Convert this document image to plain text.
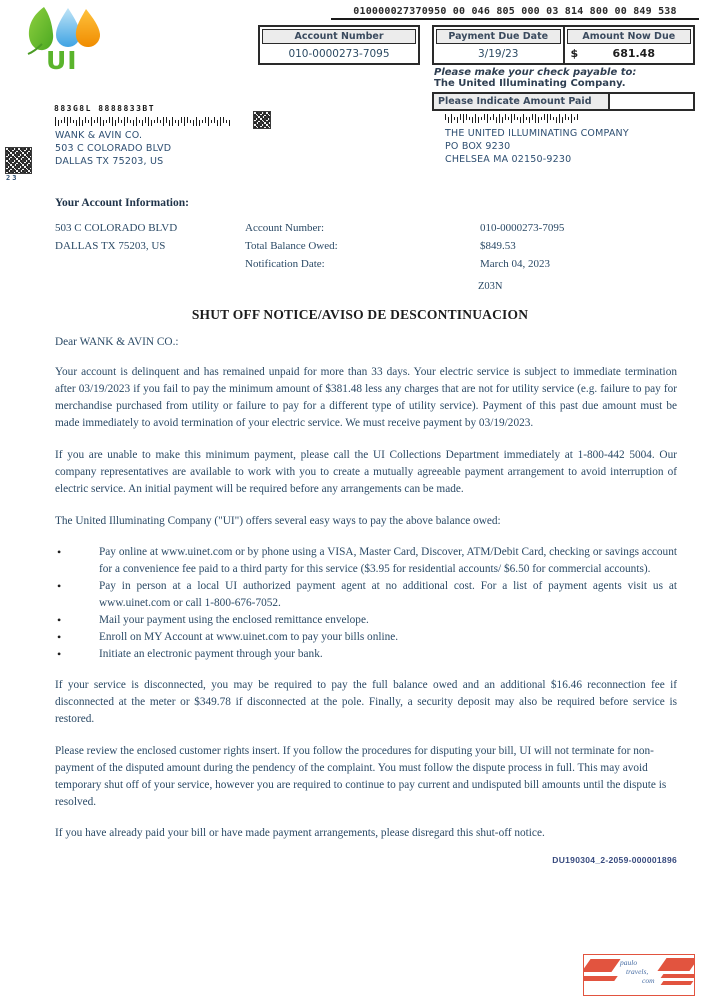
UI
010000027370950 00 046 805 000 03 814 800 00 849 538
Account Number
010-0000273-7095
Payment Due Date
3/19/23
Amount Now Due
$	681.48
Please make your check payable to:
The United Illuminating Company.
Please Indicate Amount Paid
883G8L 8888833BT
23
WANK & AVIN CO.
503 C COLORADO BLVD
DALLAS TX 75203, US
THE UNITED ILLUMINATING COMPANY
PO BOX 9230
CHELSEA MA 02150-9230
Your Account Information:
503 C COLORADO BLVD
DALLAS TX 75203, US
Account Number:
Total Balance Owed:
Notification Date:
010-0000273-7095
$849.53
March 04, 2023
Z03N
SHUT OFF NOTICE/AVISO DE DESCONTINUACION

Dear WANK & AVIN CO.:

Your account is delinquent and has remained unpaid for more than 33 days. Your electric service is subject to immediate termination after 03/19/2023 if you fail to pay the minimum amount of $381.48 less any charges that are not for utility service (e.g. failure to pay for merchandise purchased from utility or failure to pay for a different type of utility service). Payment of this past due amount must be made immediately to avoid termination of your electric service. We must receive payment by 03/19/2023.

If you are unable to make this minimum payment, please call the UI Collections Department immediately at 1-800-442 5004. Our company representatives are available to work with you to create a mutually agreeable payment arrangement to avoid interruption of electric service. An initial payment will be required before any arrangements can be made.

The United Illuminating Company ("UI") offers several easy ways to pay the above balance owed:

• Pay online at www.uinet.com or by phone using a VISA, Master Card, Discover, ATM/Debit Card, checking or savings account for a convenience fee paid to a third party for this service ($3.95 for residential accounts/ $6.50 for commercial accounts).
• Pay in person at a local UI authorized payment agent at no additional cost. For a list of payment agents visit us at www.uinet.com or call 1-800-676-7052.
• Mail your payment using the enclosed remittance envelope.
• Enroll on MY Account at www.uinet.com to pay your bills online.
• Initiate an electronic payment through your bank.

If your service is disconnected, you may be required to pay the full balance owed and an additional $16.46 reconnection fee if disconnected at the meter or $349.78 if disconnected at the pole. Finally, a security deposit may also be required before service is restored.

Please review the enclosed customer rights insert. If you follow the procedures for disputing your bill, UI will not terminate for non-payment of the disputed amount during the pendency of the complaint. You must follow the dispute process in full. This may avoid temporary shut off of your service, however you are required to continue to pay current and undisputed bill amounts until the dispute is resolved.

If you have already paid your bill or have made payment arrangements, please disregard this shut-off notice.

DU190304_2-2059-000001896
paulo
travels,
com
